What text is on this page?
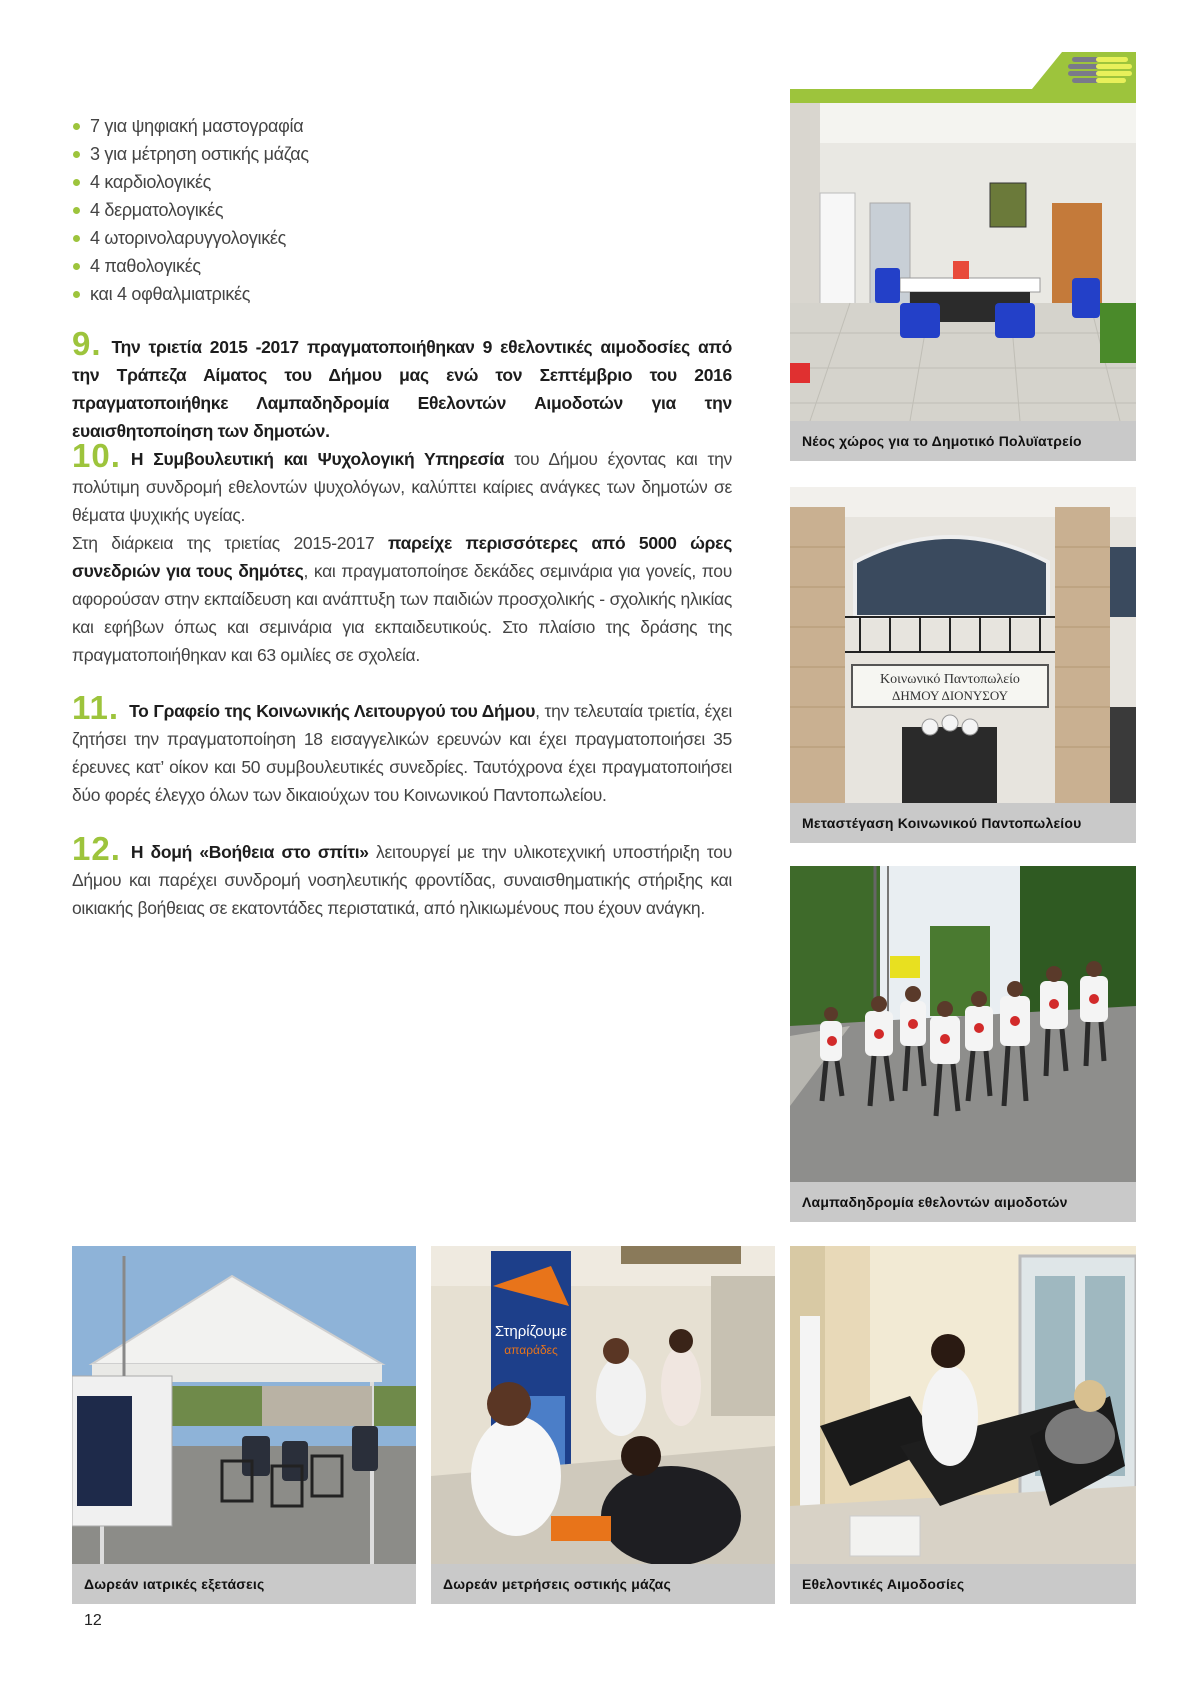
7 για ψηφιακή μαστογραφία
3 για μέτρηση οστικής μάζας
4 καρδιολογικές
4 δερματολογικές
4 ωτορινολαρυγγολογικές
4 παθολογικές
και 4 οφθαλμιατρικές
9. Την τριετία 2015 -2017 πραγματοποιήθηκαν 9 εθελοντικές αιμοδοσίες από την Τράπεζα Αίματος του Δήμου μας ενώ τον Σεπτέμβριο του 2016 πραγματοποιήθηκε Λαμπαδηδρομία Εθελοντών Αιμοδοτών για την ευαισθητοποίηση των δημοτών.
10. Η Συμβουλευτική και Ψυχολογική Υπηρεσία του Δήμου έχοντας και την πολύτιμη συνδρομή εθελοντών ψυχολόγων, καλύπτει καίριες ανάγκες των δημοτών σε θέματα ψυχικής υγείας.
Στη διάρκεια της τριετίας 2015-2017 παρείχε περισσότερες από 5000 ώρες συνεδριών για τους δημότες, και πραγματοποίησε δεκάδες σεμινάρια για γονείς, που αφορούσαν στην εκπαίδευση και ανάπτυξη των παιδιών προσχολικής - σχολικής ηλικίας και εφήβων όπως και σεμινάρια για εκπαιδευτικούς. Στο πλαίσιο της δράσης της πραγματοποιήθηκαν και 63 ομιλίες σε σχολεία.
11. Το Γραφείο της Κοινωνικής Λειτουργού του Δήμου, την τελευταία τριετία, έχει ζητήσει την πραγματοποίηση 18 εισαγγελικών ερευνών και έχει πραγματοποιήσει 35 έρευνες κατ’ οίκον και 50 συμβουλευτικές συνεδρίες. Ταυτόχρονα έχει πραγματοποιήσει δύο φορές έλεγχο όλων των δικαιούχων του Κοινωνικού Παντοπωλείου.
12. Η δομή «Βοήθεια στο σπίτι» λειτουργεί με την υλικοτεχνική υποστήριξη του Δήμου και παρέχει συνδρομή νοσηλευτικής φροντίδας, συναισθηματικής στήριξης και οικιακής βοήθειας σε εκατοντάδες περιστατικά, από ηλικιωμένους που έχουν ανάγκη.
Νέος χώρος για το Δημοτικό Πολυϊατρείο
Κοινωνικό Παντοπωλείο
ΔΗΜΟΥ ΔΙΟΝΥΣΟΥ
Μεταστέγαση Κοινωνικού Παντοπωλείου
Λαμπαδηδρομία εθελοντών αιμοδοτών
Δωρεάν ιατρικές εξετάσεις
Στηρίζουμε
απαράδες
Δωρεάν μετρήσεις οστικής μάζας	Εθελοντικές Αιμοδοσίες
12
